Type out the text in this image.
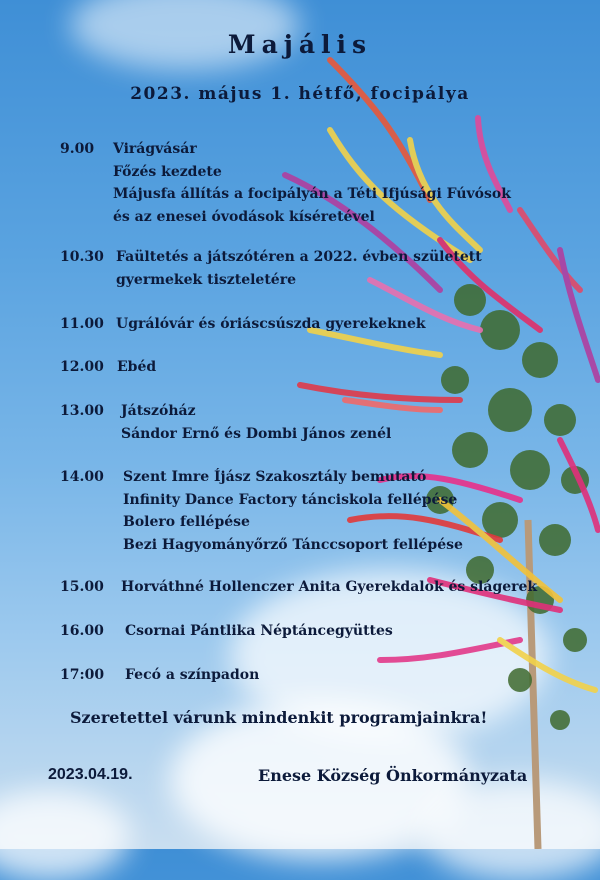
Majális
2023. május 1. hétfő, focipálya
9.00 Virágvásár
Főzés kezdete
Májusfa állítás a focipályán a Téti Ifjúsági Fúvósok
és az enesei óvodások kíséretével
10.30 Faültetés a játszótéren a 2022. évben született
gyermekek tiszteletére
11.00 Ugrálóvár és óriáscsúszda gyerekeknek
12.00 Ebéd
13.00 Játszóház
Sándor Ernő és Dombi János zenél
14.00 Szent Imre Íjász Szakosztály bemutató
Infinity Dance Factory tánciskola fellépése
Bolero fellépése
Bezi Hagyományőrző Tánccsoport fellépése
15.00 Horváthné Hollenczer Anita Gyerekdalok és slágerek
16.00 Csornai Pántlika Néptáncegyüttes
17:00 Fecó a színpadon
Szeretettel várunk mindenkit programjainkra!
2023.04.19.	Enese Község Önkormányzata
